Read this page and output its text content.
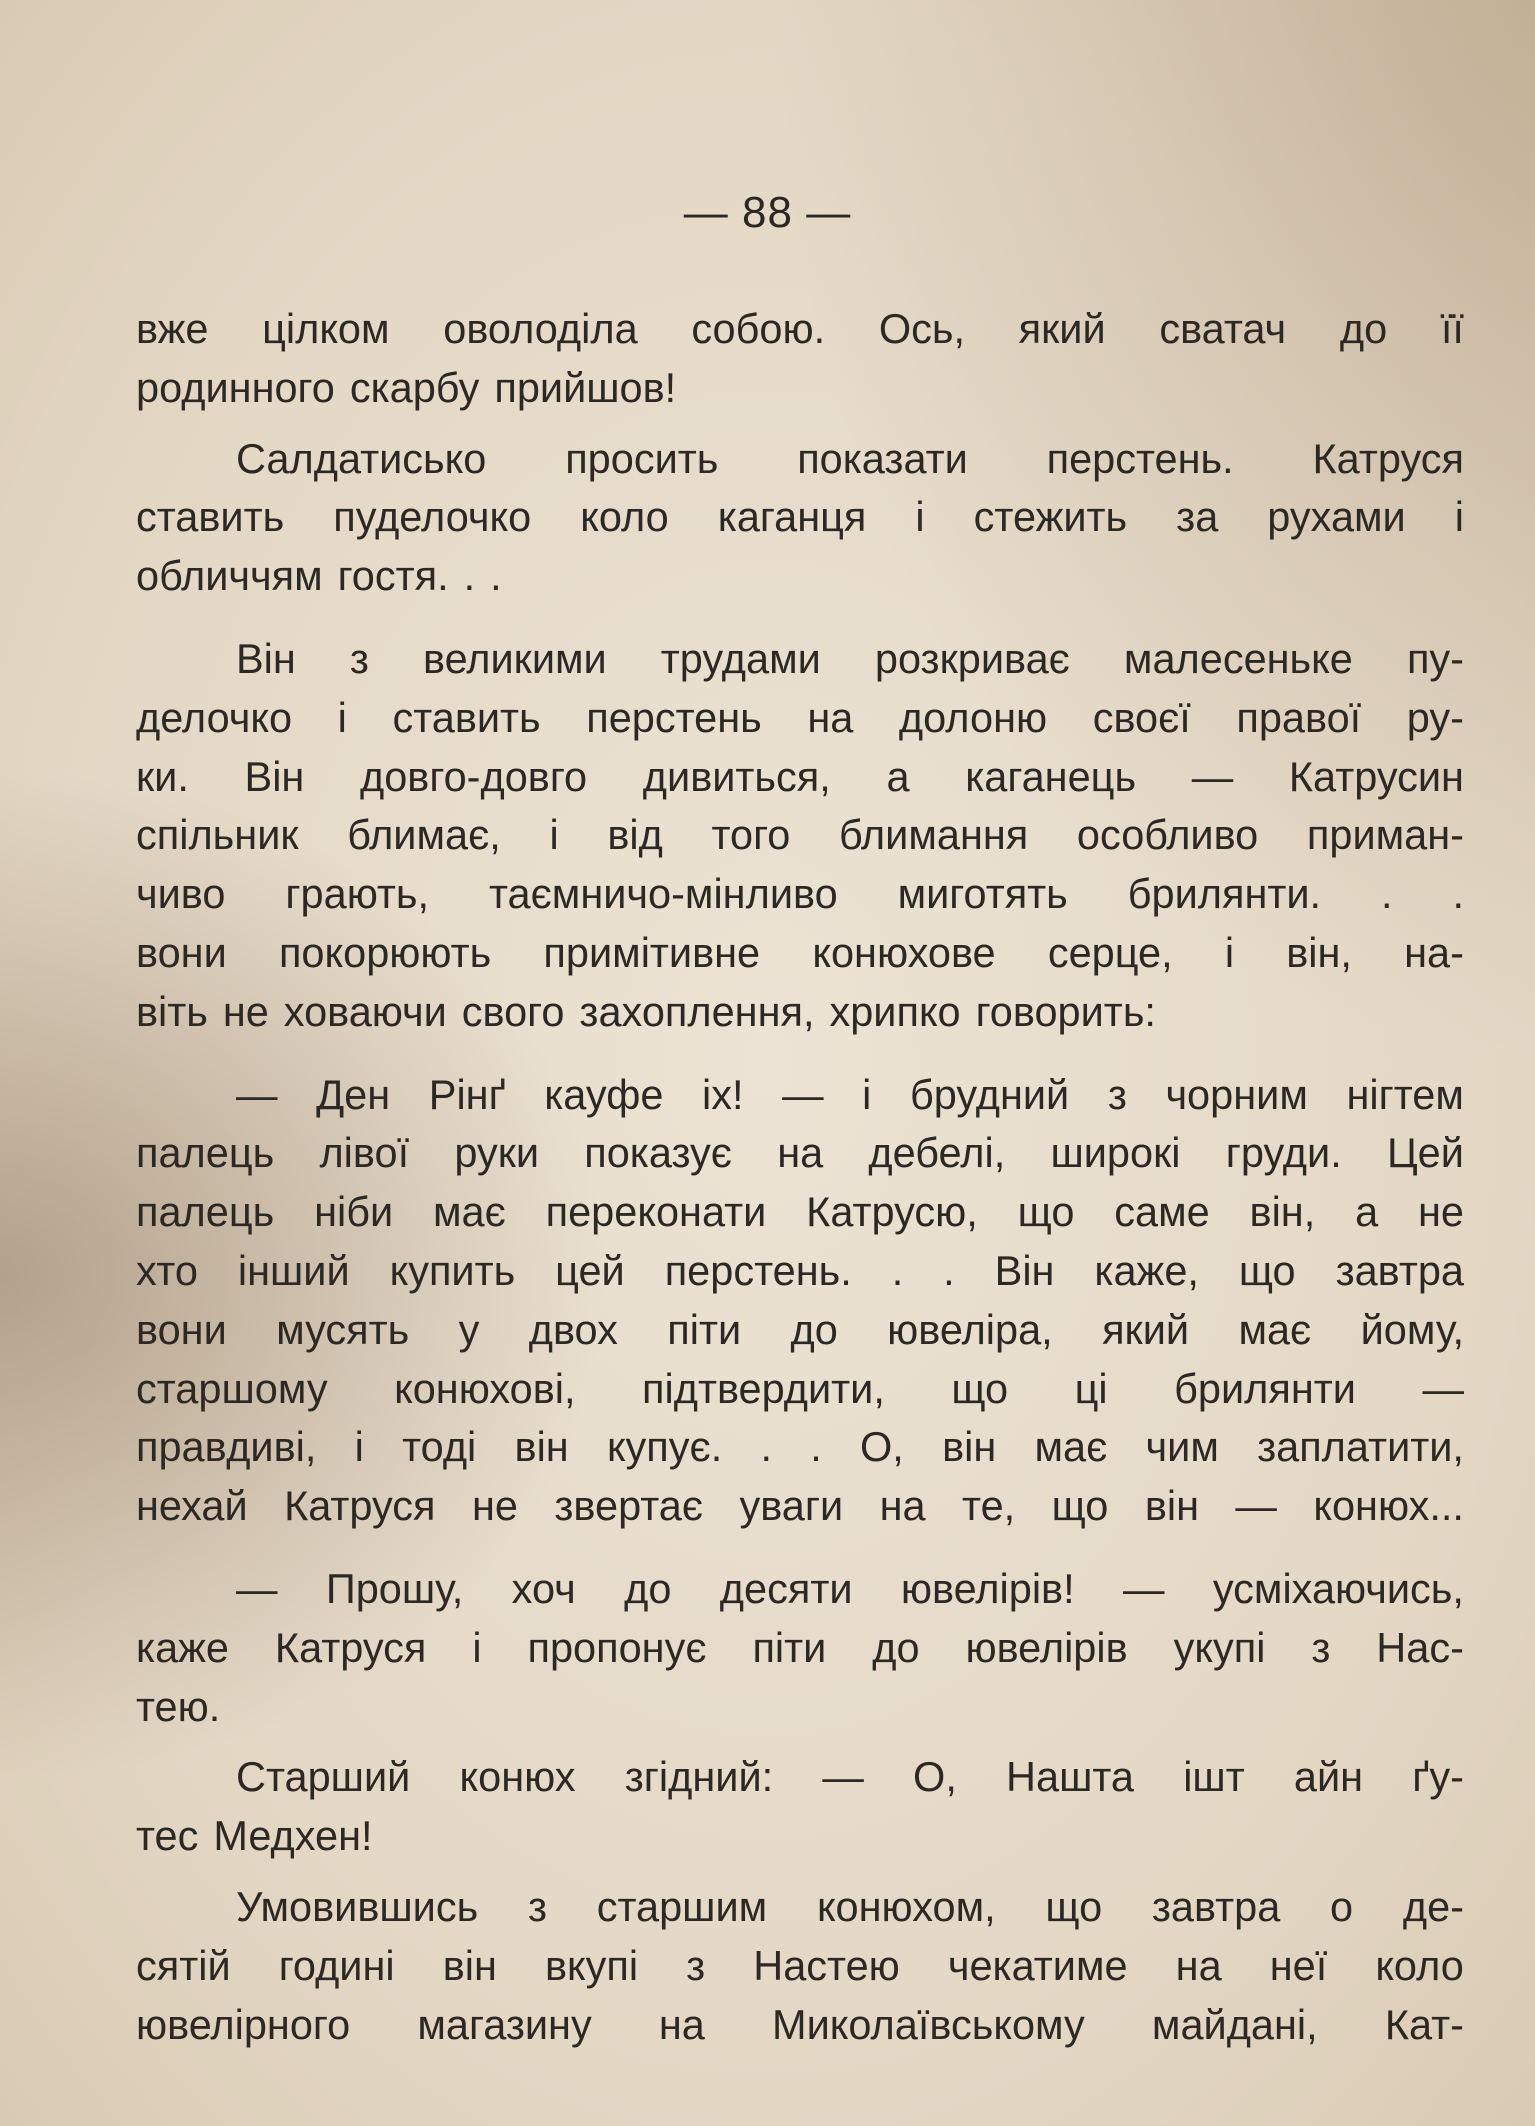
— 88 —
вже цілком оволоділа собою. Ось, який сватач до її
родинного скарбу прийшов!
Салдатисько просить показати перстень. Катруся
ставить пуделочко коло каганця і стежить за рухами і
обличчям гостя. . .
Він з великими трудами розкриває малесеньке пу-
делочко і ставить перстень на долоню своєї правої ру-
ки. Він довго-довго дивиться, а каганець — Катрусин
спільник блимає, і від того блимання особливо приман-
чиво грають, таємничо-мінливо миготять брилянти. . .
вони покорюють примітивне конюхове серце, і він, на-
віть не ховаючи свого захоплення, хрипко говорить:
— Ден Рінґ кауфе іх! — і брудний з чорним нігтем
палець лівої руки показує на дебелі, широкі груди. Цей
палець ніби має переконати Катрусю, що саме він, а не
хто інший купить цей перстень. . . Він каже, що завтра
вони мусять у двох піти до ювеліра, який має йому,
старшому конюхові, підтвердити, що ці брилянти —
правдиві, і тоді він купує. . . О, він має чим заплатити,
нехай Катруся не звертає уваги на те, що він — конюх...
— Прошу, хоч до десяти ювелірів! — усміхаючись,
каже Катруся і пропонує піти до ювелірів укупі з Нас-
тею.
Старший конюх згідний: — О, Нашта ішт айн ґу-
тес Медхен!
Умовившись з старшим конюхом, що завтра о де-
сятій годині він вкупі з Настею чекатиме на неї коло
ювелірного магазину на Миколаївському майдані, Кат-
